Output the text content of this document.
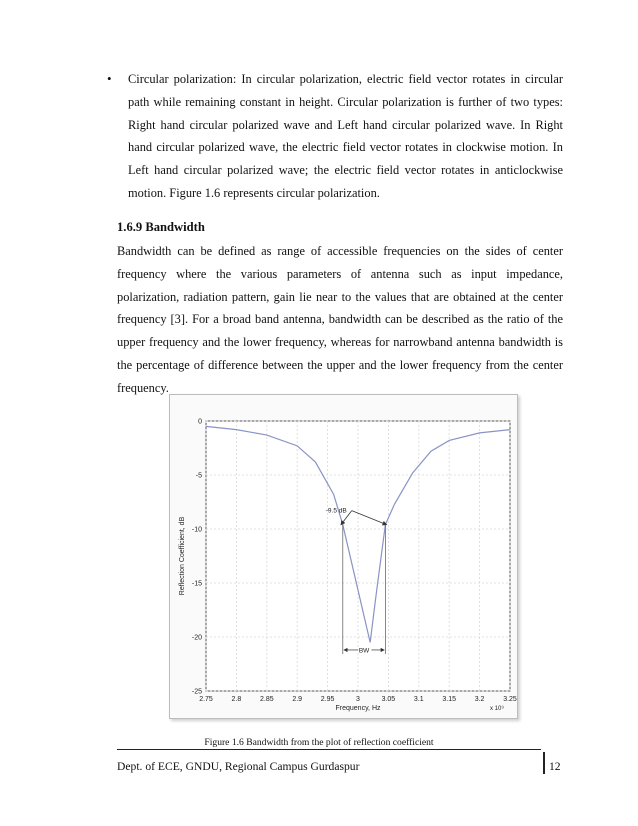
• Circular polarization: In circular polarization, electric field vector rotates in circular path while remaining constant in height. Circular polarization is further of two types: Right hand circular polarized wave and Left hand circular polarized wave. In Right hand circular polarized wave, the electric field vector rotates in clockwise motion. In Left hand circular polarized wave; the electric field vector rotates in anticlockwise motion. Figure 1.6 represents circular polarization.
1.6.9 Bandwidth
Bandwidth can be defined as range of accessible frequencies on the sides of center frequency where the various parameters of antenna such as input impedance, polarization, radiation pattern, gain lie near to the values that are obtained at the center frequency [3]. For a broad band antenna, bandwidth can be described as the ratio of the upper frequency and the lower frequency, whereas for narrowband antenna bandwidth is the percentage of difference between the upper and the lower frequency from the center frequency.
2.75	2.8	2.85	2.9	2.95	3	3.05	3.1	3.15	3.2	3.25
0
-5
-10
-15
-20
-25
-9.5 dB
BW
Reflection Coefficient, dB
Frequency, Hz	x 10⁹
Figure 1.6 Bandwidth from the plot of reflection coefficient
Dept. of ECE, GNDU, Regional Campus Gurdaspur	12
